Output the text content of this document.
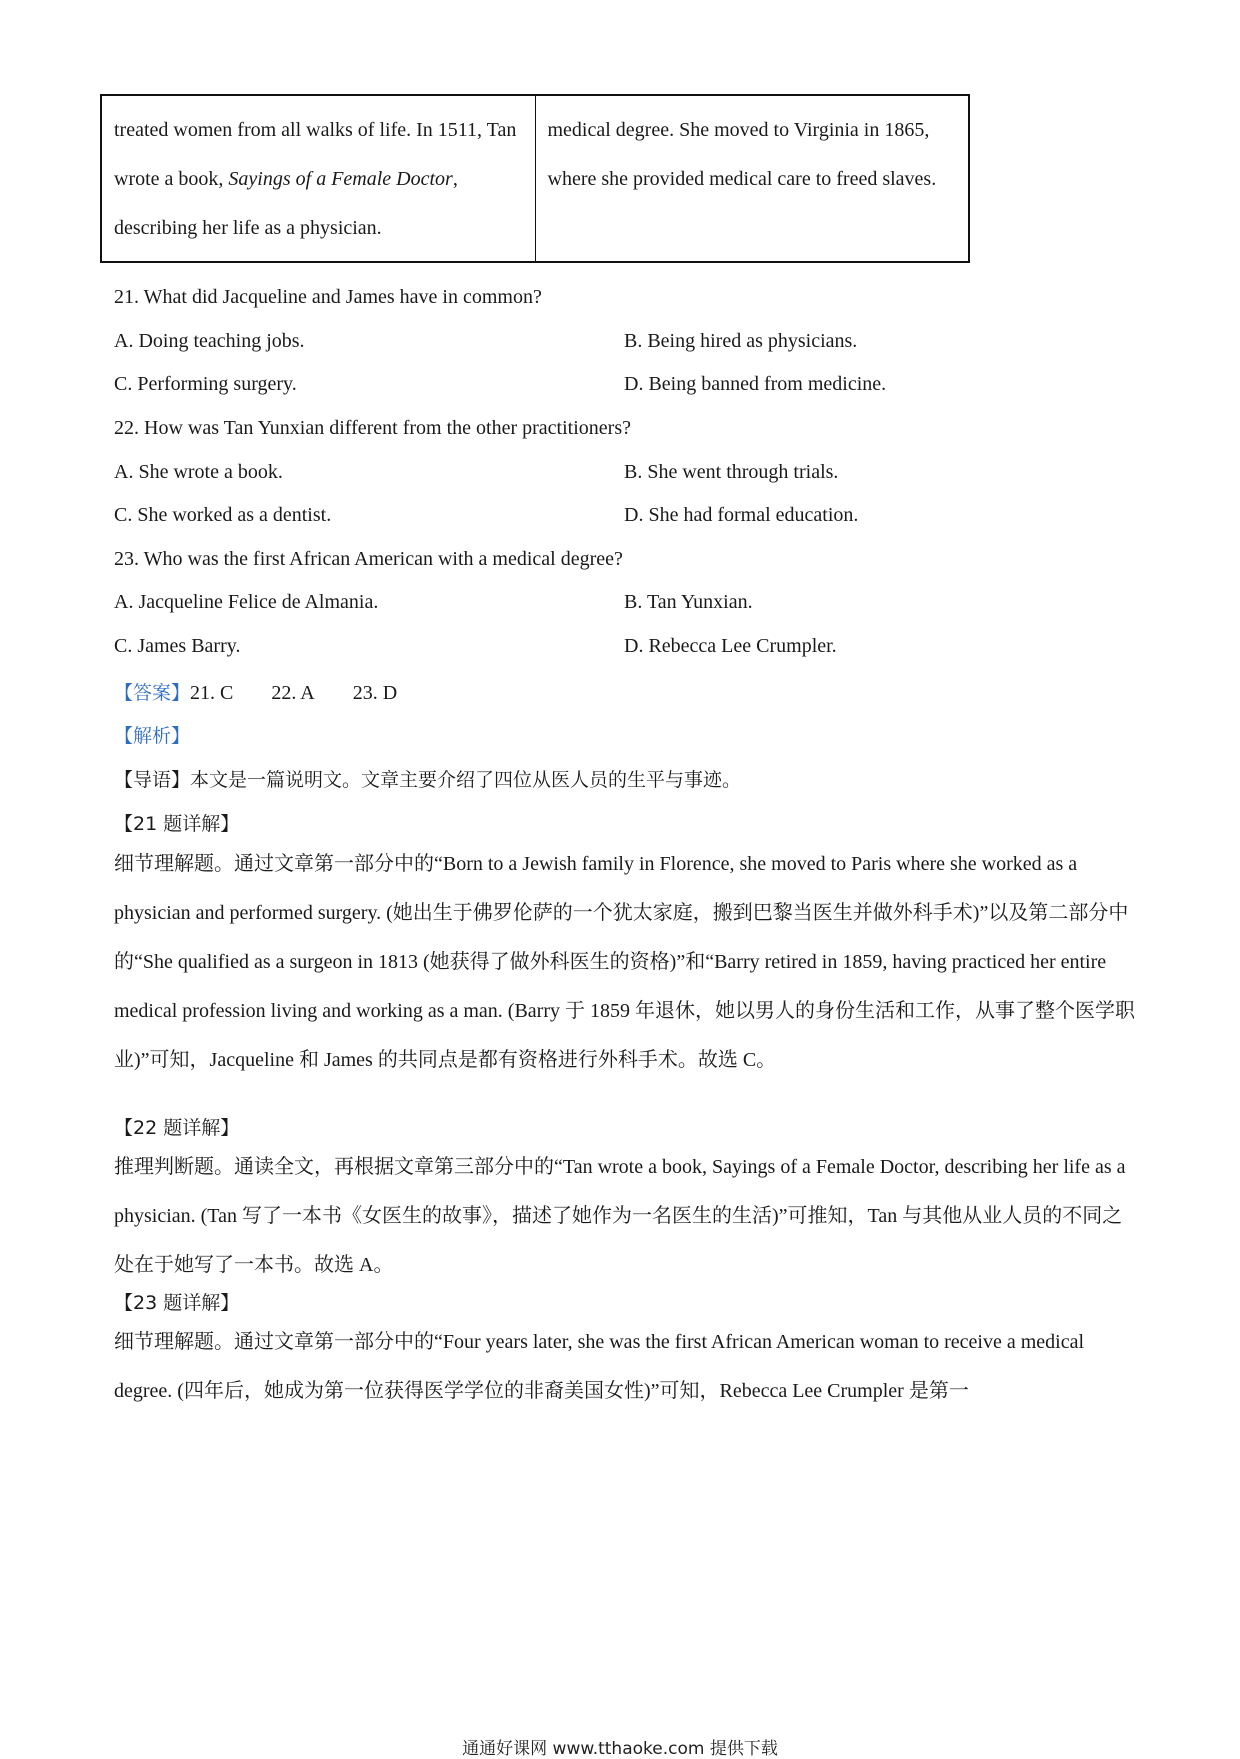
treated women from all walks of life. In 1511, Tan wrote a book, Sayings of a Female Doctor, describing her life as a physician.	medical degree. She moved to Virginia in 1865, where she provided medical care to freed slaves.
21. What did Jacqueline and James have in common?
A. Doing teaching jobs.	B. Being hired as physicians.
C. Performing surgery.	D. Being banned from medicine.
22. How was Tan Yunxian different from the other practitioners?
A. She wrote a book.	B. She went through trials.
C. She worked as a dentist.	D. She had formal education.
23. Who was the first African American with a medical degree?
A. Jacqueline Felice de Almania.	B. Tan Yunxian.
C. James Barry.	D. Rebecca Lee Crumpler.
【答案】21. C 22. A 23. D
【解析】
【导语】本文是一篇说明文。文章主要介绍了四位从医人员的生平与事迹。
【21 题详解】
细节理解题。通过文章第一部分中的“Born to a Jewish family in Florence, she moved to Paris where she worked as a physician and performed surgery. (她出生于佛罗伦萨的一个犹太家庭，搬到巴黎当医生并做外科手术)”以及第二部分中的“She qualified as a surgeon in 1813 (她获得了做外科医生的资格)”和“Barry retired in 1859, having practiced her entire medical profession living and working as a man. (Barry 于 1859 年退休，她以男人的身份生活和工作，从事了整个医学职业)”可知，Jacqueline 和 James 的共同点是都有资格进行外科手术。故选 C。
【22 题详解】
推理判断题。通读全文，再根据文章第三部分中的“Tan wrote a book, Sayings of a Female Doctor, describing her life as a physician. (Tan 写了一本书《女医生的故事》，描述了她作为一名医生的生活)”可推知，Tan 与其他从业人员的不同之处在于她写了一本书。故选 A。
【23 题详解】
细节理解题。通过文章第一部分中的“Four years later, she was the first African American woman to receive a medical degree. (四年后，她成为第一位获得医学学位的非裔美国女性)”可知，Rebecca Lee Crumpler 是第一
通通好课网 www.tthaoke.com 提供下载
